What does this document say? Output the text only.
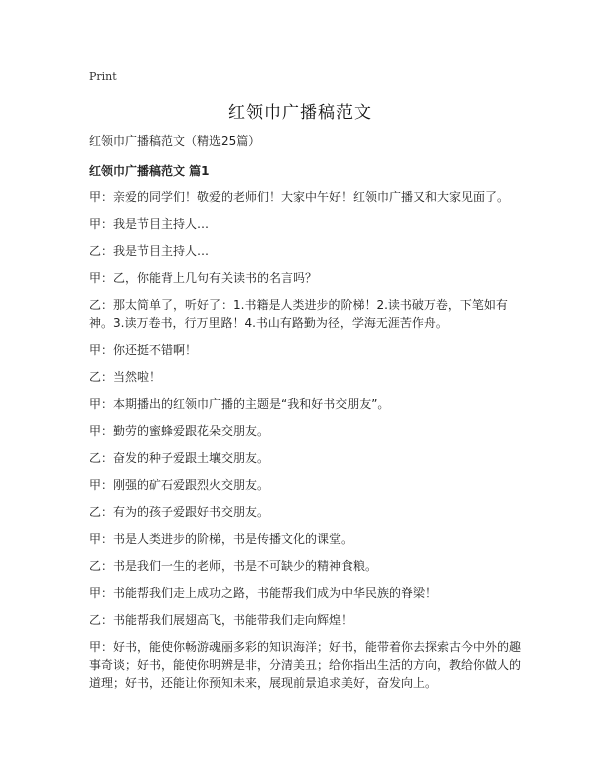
Print
红领巾广播稿范文

红领巾广播稿范文（精选25篇）

红领巾广播稿范文 篇1

甲：亲爱的同学们！敬爱的老师们！大家中午好！红领巾广播又和大家见面了。

甲：我是节目主持人…

乙：我是节目主持人…

甲：乙，你能背上几句有关读书的名言吗？

乙：那太简单了，听好了：1.书籍是人类进步的阶梯！2.读书破万卷，下笔如有神。3.读万卷书，行万里路！4.书山有路勤为径，学海无涯苦作舟。

甲：你还挺不错啊！

乙：当然啦！

甲：本期播出的红领巾广播的主题是“我和好书交朋友”。

甲：勤劳的蜜蜂爱跟花朵交朋友。

乙：奋发的种子爱跟土壤交朋友。

甲：刚强的矿石爱跟烈火交朋友。

乙：有为的孩子爱跟好书交朋友。

甲：书是人类进步的阶梯，书是传播文化的课堂。

乙：书是我们一生的老师，书是不可缺少的精神食粮。

甲：书能帮我们走上成功之路，书能帮我们成为中华民族的脊梁！

乙：书能帮我们展翅高飞，书能带我们走向辉煌！

甲：好书，能使你畅游魂丽多彩的知识海洋；好书，能带着你去探索古今中外的趣事奇谈；好书，能使你明辨是非，分清美丑；给你指出生活的方向，教给你做人的道理；好书，还能让你预知未来，展现前景追求美好，奋发向上。
